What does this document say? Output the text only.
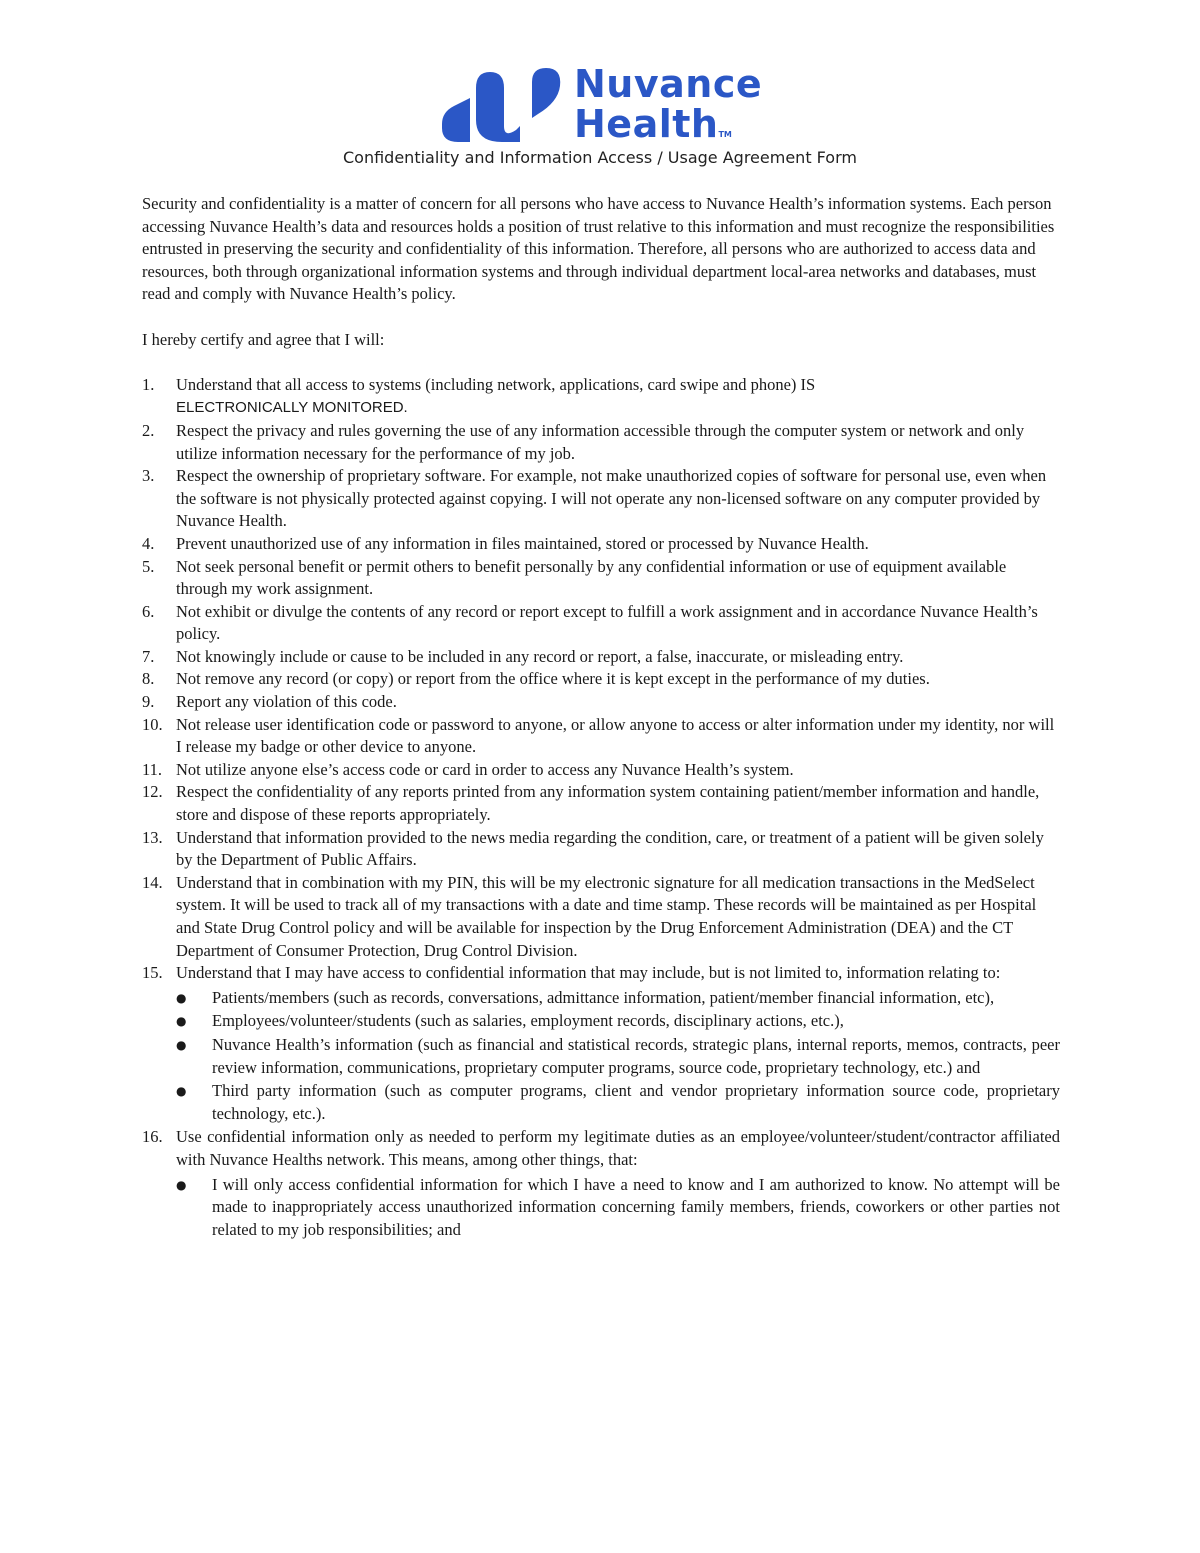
Nuvance
HealthTM
Confidentiality and Information Access / Usage Agreement Form

Security and confidentiality is a matter of concern for all persons who have access to Nuvance Health’s information systems. Each person accessing Nuvance Health’s data and resources holds a position of trust relative to this information and must recognize the responsibilities entrusted in preserving the security and confidentiality of this information. Therefore, all persons who are authorized to access data and resources, both through organizational information systems and through individual department local-area networks and databases, must read and comply with Nuvance Health’s policy.

I hereby certify and agree that I will:

1. Understand that all access to systems (including network, applications, card swipe and phone) IS
ELECTRONICALLY MONITORED.
2. Respect the privacy and rules governing the use of any information accessible through the computer system or network and only utilize information necessary for the performance of my job.
3. Respect the ownership of proprietary software. For example, not make unauthorized copies of software for personal use, even when the software is not physically protected against copying. I will not operate any non-licensed software on any computer provided by Nuvance Health.
4. Prevent unauthorized use of any information in files maintained, stored or processed by Nuvance Health.
5. Not seek personal benefit or permit others to benefit personally by any confidential information or use of equipment available through my work assignment.
6. Not exhibit or divulge the contents of any record or report except to fulfill a work assignment and in accordance Nuvance Health’s policy.
7. Not knowingly include or cause to be included in any record or report, a false, inaccurate, or misleading entry.
8. Not remove any record (or copy) or report from the office where it is kept except in the performance of my duties.
9. Report any violation of this code.
10. Not release user identification code or password to anyone, or allow anyone to access or alter information under my identity, nor will I release my badge or other device to anyone.
11. Not utilize anyone else’s access code or card in order to access any Nuvance Health’s system.
12. Respect the confidentiality of any reports printed from any information system containing patient/member information and handle, store and dispose of these reports appropriately.
13. Understand that information provided to the news media regarding the condition, care, or treatment of a patient will be given solely by the Department of Public Affairs.
14. Understand that in combination with my PIN, this will be my electronic signature for all medication transactions in the MedSelect system. It will be used to track all of my transactions with a date and time stamp. These records will be maintained as per Hospital and State Drug Control policy and will be available for inspection by the Drug Enforcement Administration (DEA) and the CT Department of Consumer Protection, Drug Control Division.
15. Understand that I may have access to confidential information that may include, but is not limited to, information relating to:
● Patients/members (such as records, conversations, admittance information, patient/member financial information, etc),
● Employees/volunteer/students (such as salaries, employment records, disciplinary actions, etc.),
● Nuvance Health’s information (such as financial and statistical records, strategic plans, internal reports, memos, contracts, peer review information, communications, proprietary computer programs, source code, proprietary technology, etc.) and
● Third party information (such as computer programs, client and vendor proprietary information source code, proprietary technology, etc.).
16. Use confidential information only as needed to perform my legitimate duties as an employee/volunteer/student/contractor affiliated with Nuvance Healths network. This means, among other things, that:
● I will only access confidential information for which I have a need to know and I am authorized to know. No attempt will be made to inappropriately access unauthorized information concerning family members, friends, coworkers or other parties not related to my job responsibilities; and
